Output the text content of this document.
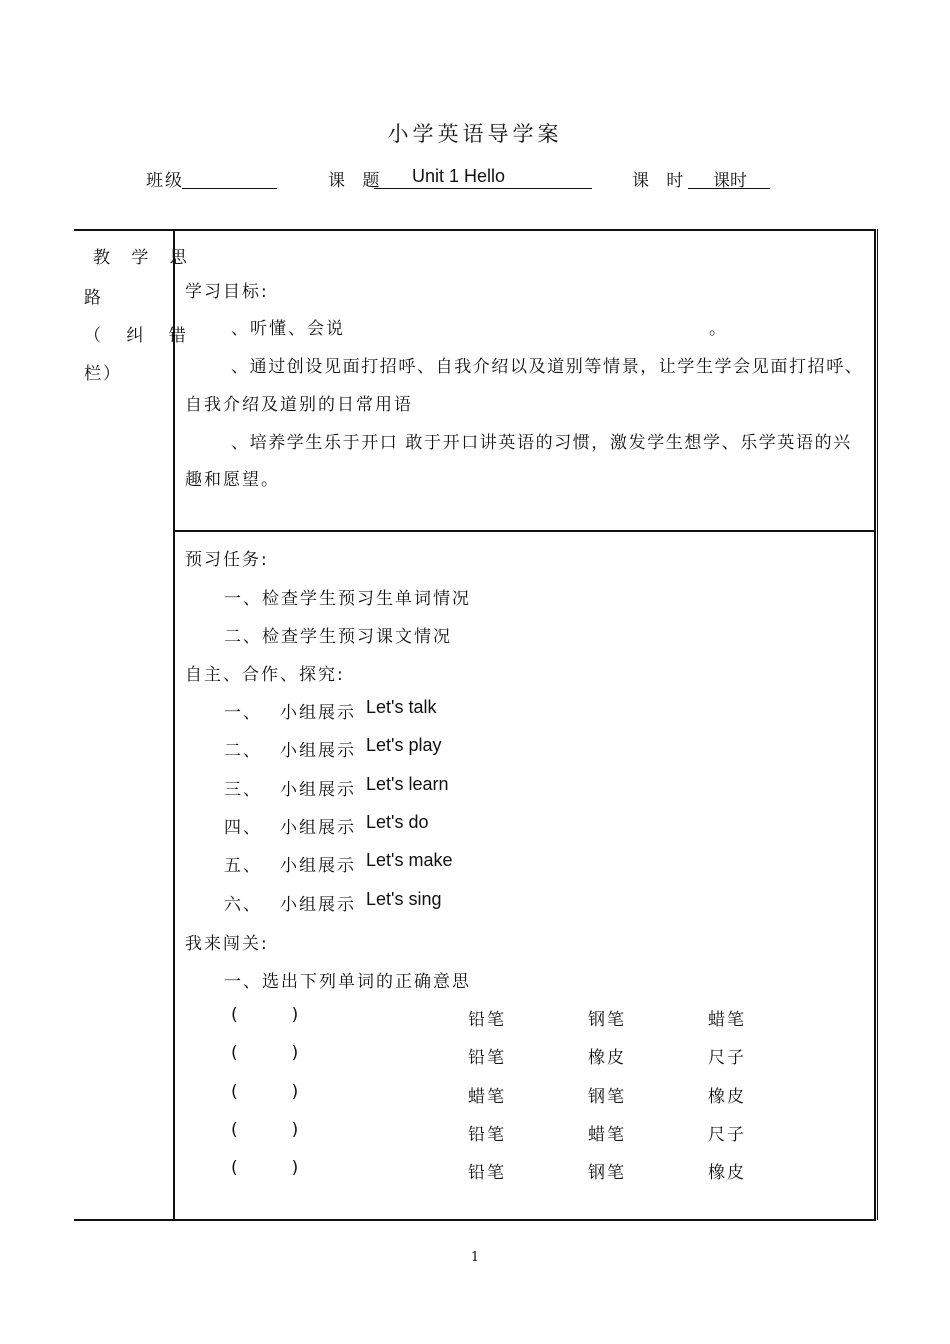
小学英语导学案
班级	课 题 Unit 1 Hello	课 时 课时
教 学 思
路
（ 纠 错
栏）
学习目标:
、听懂、会说	。
、通过创设见面打招呼、自我介绍以及道别等情景，让学生学会见面打招呼、
自我介绍及道别的日常用语
、培养学生乐于开口 敢于开口讲英语的习惯，激发学生想学、乐学英语的兴
趣和愿望。
预习任务:
一、检查学生预习生单词情况
二、检查学生预习课文情况
自主、合作、探究:
一、 小组展示 Let's talk
二、 小组展示 Let's play
三、 小组展示 Let's learn
四、 小组展示 Let's do
五、 小组展示 Let's make
六、 小组展示 Let's sing
我来闯关:
一、选出下列单词的正确意思
(          )	铅笔	钢笔	蜡笔
(          )	铅笔	橡皮	尺子
(          )	蜡笔	钢笔	橡皮
(          )	铅笔	蜡笔	尺子
(          )	铅笔	钢笔	橡皮
1
